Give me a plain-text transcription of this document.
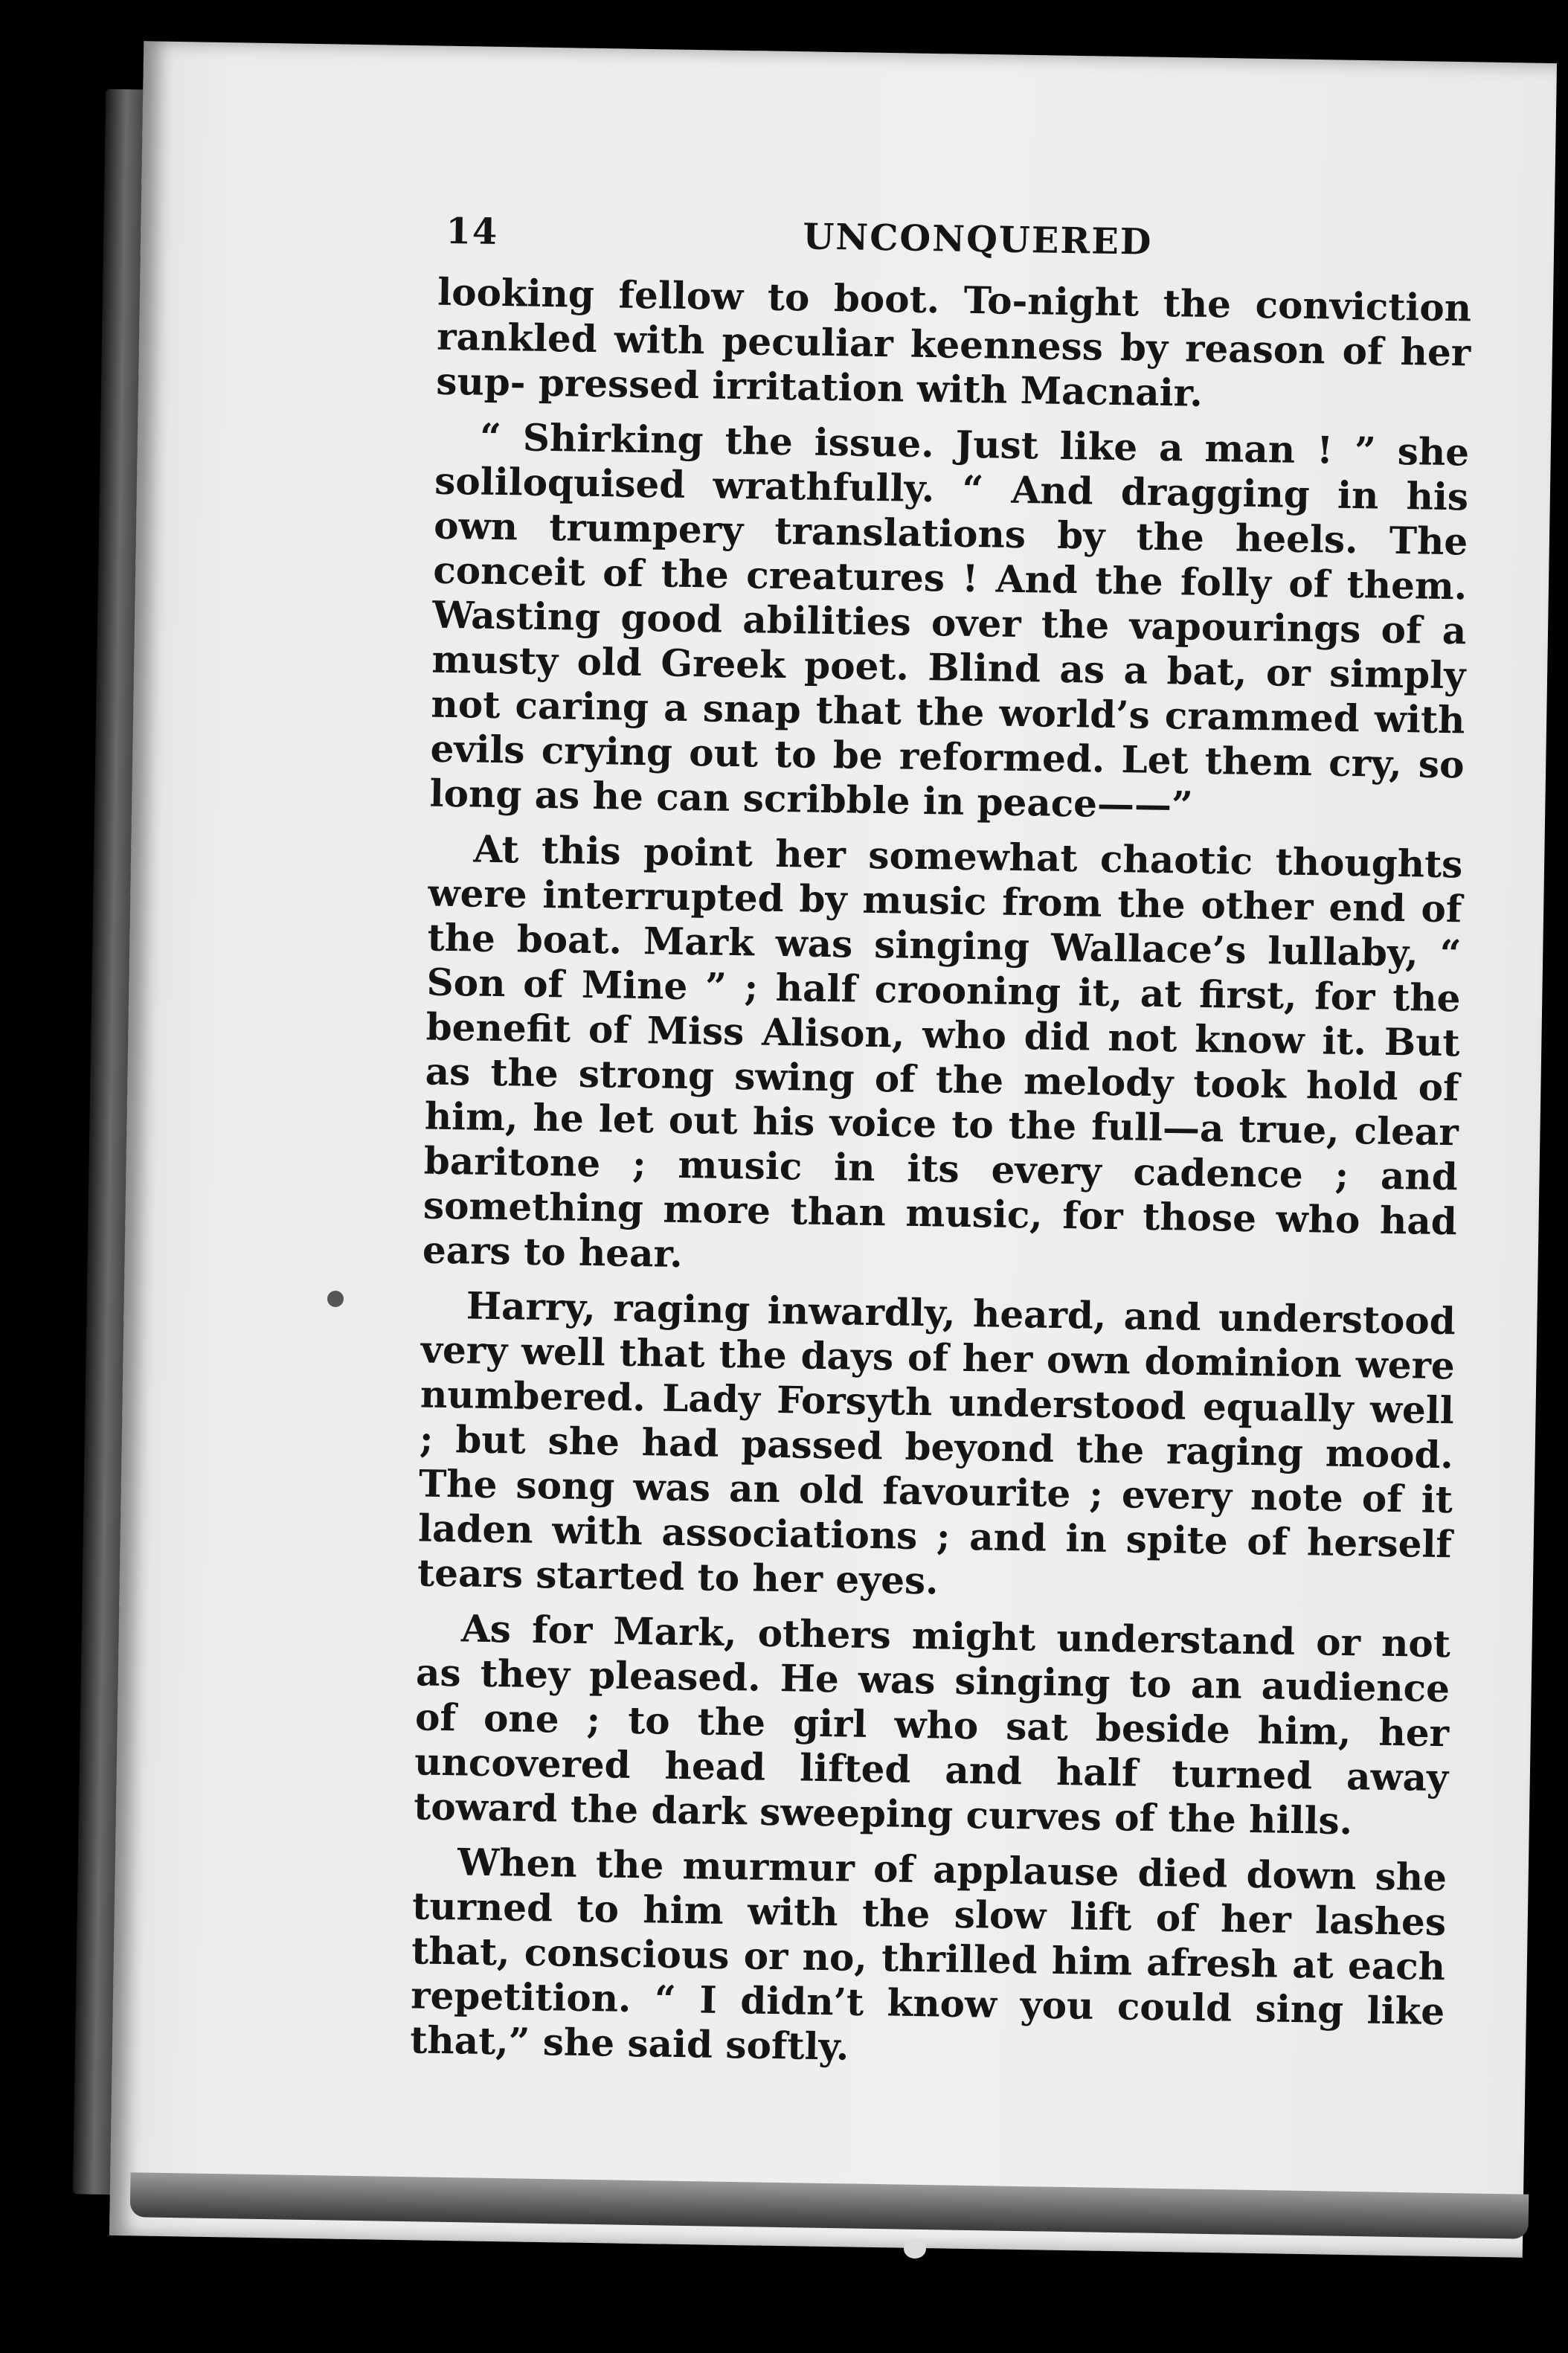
14	UNCONQUERED

looking fellow to boot. To-night the conviction rankled with peculiar keenness by reason of her sup- pressed irritation with Macnair.

“ Shirking the issue. Just like a man ! ” she soliloquised wrathfully. “ And dragging in his own trumpery translations by the heels. The conceit of the creatures ! And the folly of them. Wasting good abilities over the vapourings of a musty old Greek poet. Blind as a bat, or simply not caring a snap that the world’s crammed with evils crying out to be reformed. Let them cry, so long as he can scribble in peace——”

At this point her somewhat chaotic thoughts were interrupted by music from the other end of the boat. Mark was singing Wallace’s lullaby, “ Son of Mine ” ; half crooning it, at first, for the benefit of Miss Alison, who did not know it. But as the strong swing of the melody took hold of him, he let out his voice to the full—a true, clear baritone ; music in its every cadence ; and something more than music, for those who had ears to hear.

Harry, raging inwardly, heard, and understood very well that the days of her own dominion were numbered. Lady Forsyth understood equally well ; but she had passed beyond the raging mood. The song was an old favourite ; every note of it laden with associations ; and in spite of herself tears started to her eyes.

As for Mark, others might understand or not as they pleased. He was singing to an audience of one ; to the girl who sat beside him, her uncovered head lifted and half turned away toward the dark sweeping curves of the hills.

When the murmur of applause died down she turned to him with the slow lift of her lashes that, conscious or no, thrilled him afresh at each repetition. “ I didn’t know you could sing like that,” she said softly.
